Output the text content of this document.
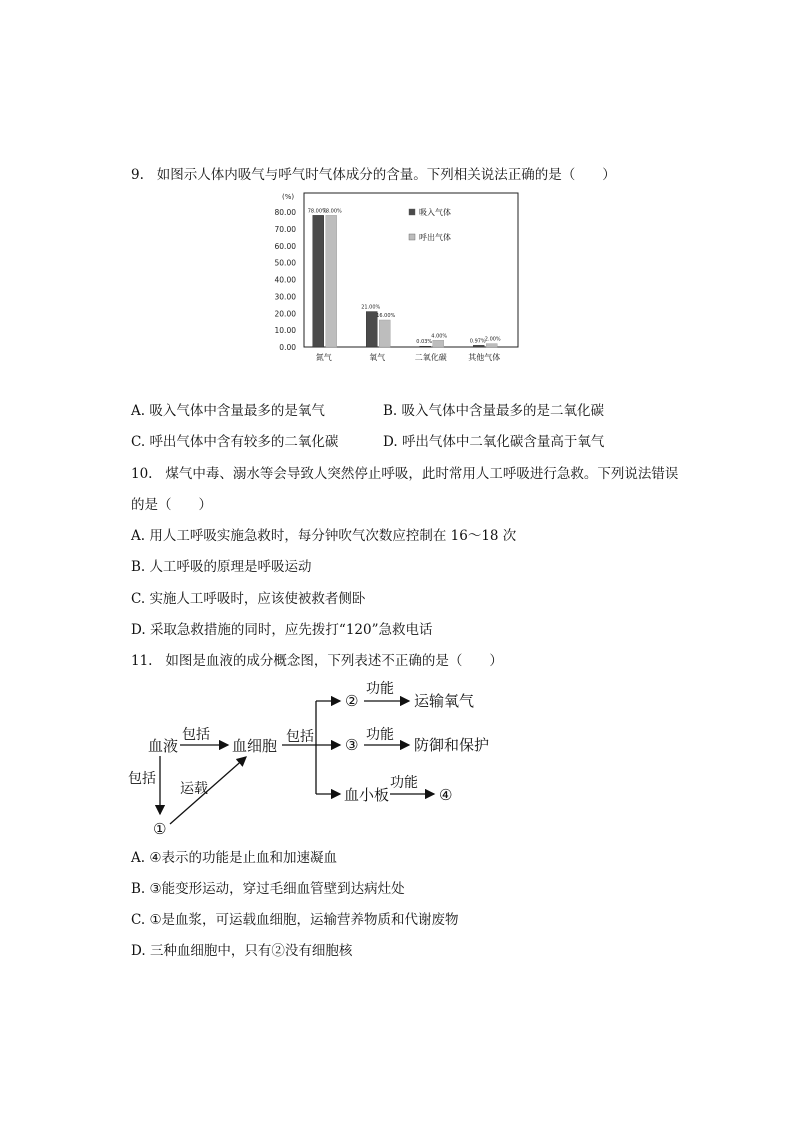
9. 如图示人体内吸气与呼气时气体成分的含量。下列相关说法正确的是（　　）
(%)
0.00
10.00
20.00
30.00
40.00
50.00
60.00
70.00
80.00 78.00%
78.00%
氮气
21.00%
16.00%
氧气
0.03%
4.00%
二氧化碳
0.97% 2.00%
其他气体
吸入气体
呼出气体
A. 吸入气体中含量最多的是氧气	B. 吸入气体中含量最多的是二氧化碳
C. 呼出气体中含有较多的二氧化碳	D. 呼出气体中二氧化碳含量高于氧气
10. 煤气中毒、溺水等会导致人突然停止呼吸，此时常用人工呼吸进行急救。下列说法错误
的是（　　）
A. 用人工呼吸实施急救时，每分钟吹气次数应控制在 16～18 次
B. 人工呼吸的原理是呼吸运动
C. 实施人工呼吸时，应该使被救者侧卧
D. 采取急救措施的同时，应先拨打“120”急救电话
11. 如图是血液的成分概念图，下列表述不正确的是（　　）
血液
包括
血细胞 包括
包括
运载
①
②
功能
运输氧气
③
功能
防御和保护
血小板
功能
④
A. ④表示的功能是止血和加速凝血
B. ③能变形运动，穿过毛细血管壁到达病灶处
C. ①是血浆，可运载血细胞，运输营养物质和代谢废物
D. 三种血细胞中，只有②没有细胞核
